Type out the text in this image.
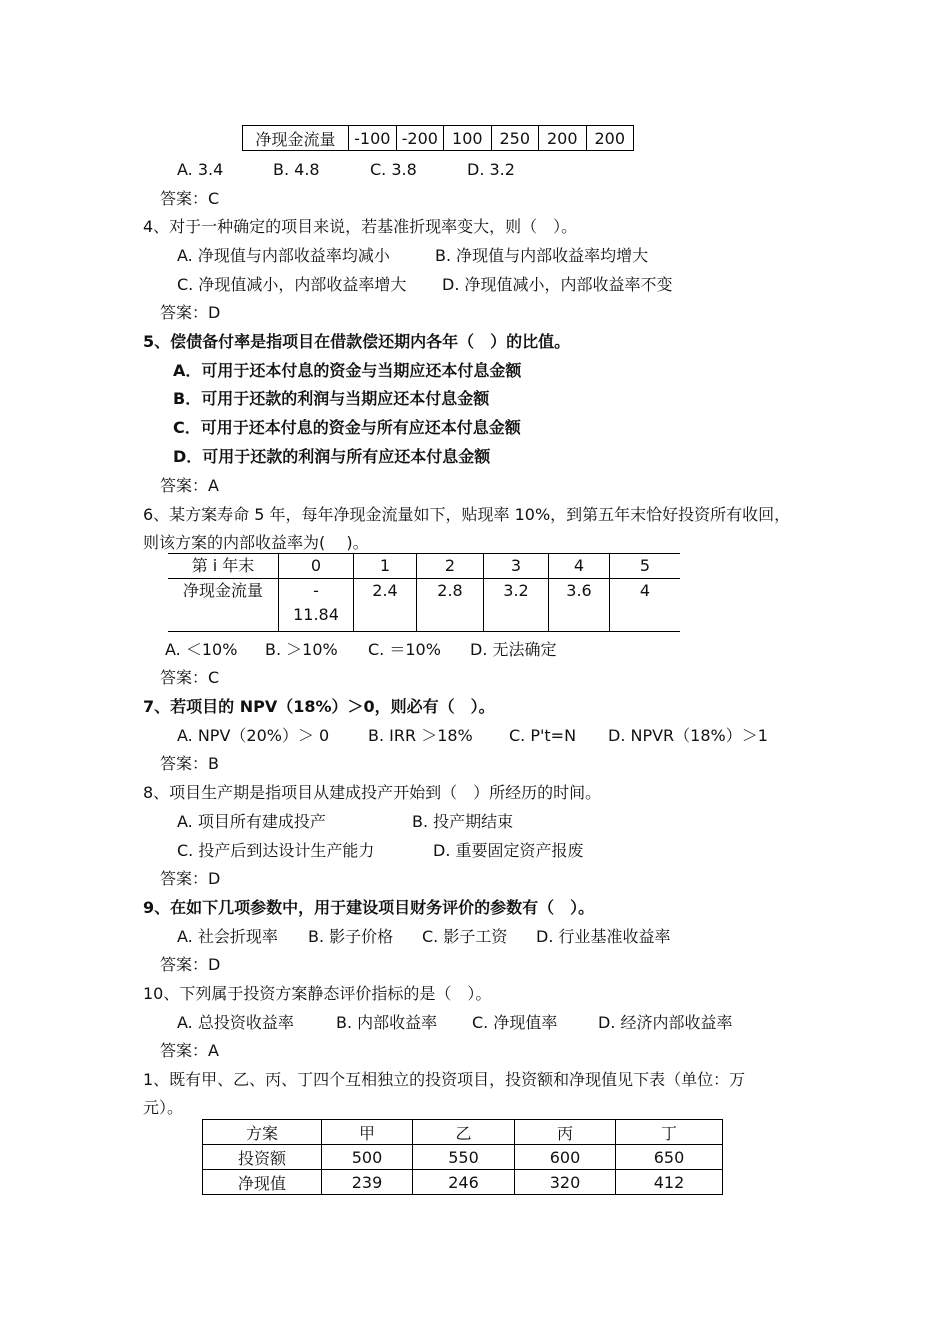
净现金流量	-100	-200	100	250	200	200
A. 3.4	B. 4.8	C. 3.8	D. 3.2
答案：C
4、对于一种确定的项目来说，若基准折现率变大，则（　）。
A. 净现值与内部收益率均减小	B. 净现值与内部收益率均增大
C. 净现值减小，内部收益率增大 D. 净现值减小，内部收益率不变
答案：D
5、偿债备付率是指项目在借款偿还期内各年（　）的比值。
A．可用于还本付息的资金与当期应还本付息金额
B．可用于还款的利润与当期应还本付息金额
C．可用于还本付息的资金与所有应还本付息金额
D．可用于还款的利润与所有应还本付息金额
答案：A
6、某方案寿命 5 年，每年净现金流量如下，贴现率 10%，到第五年末恰好投资所有收回，
则该方案的内部收益率为(　 )。
第 i 年末	0	1	2	3	4	5
净现金流量	-
11.84	2.4	2.8	3.2	3.6	4
A. ＜10% B. ＞10% C. ＝10% D. 无法确定
答案：C
7、若项目的 NPV（18%）＞0，则必有（　）。
A. NPV（20%）＞ 0 B. IRR ＞18% C. P't=N D. NPVR（18%）＞1
答案：B
8、项目生产期是指项目从建成投产开始到（　）所经历的时间。
A. 项目所有建成投产	B. 投产期结束
C. 投产后到达设计生产能力	D. 重要固定资产报废
答案：D
9、在如下几项参数中，用于建设项目财务评价的参数有（　）。
A. 社会折现率 B. 影子价格 C. 影子工资 D. 行业基准收益率
答案：D
10、下列属于投资方案静态评价指标的是（　）。
A. 总投资收益率	B. 内部收益率 C. 净现值率	D. 经济内部收益率
答案：A
1、既有甲、乙、丙、丁四个互相独立的投资项目，投资额和净现值见下表（单位：万
元）。
方案	甲	乙	丙	丁
投资额	500	550	600	650
净现值	239	246	320	412
